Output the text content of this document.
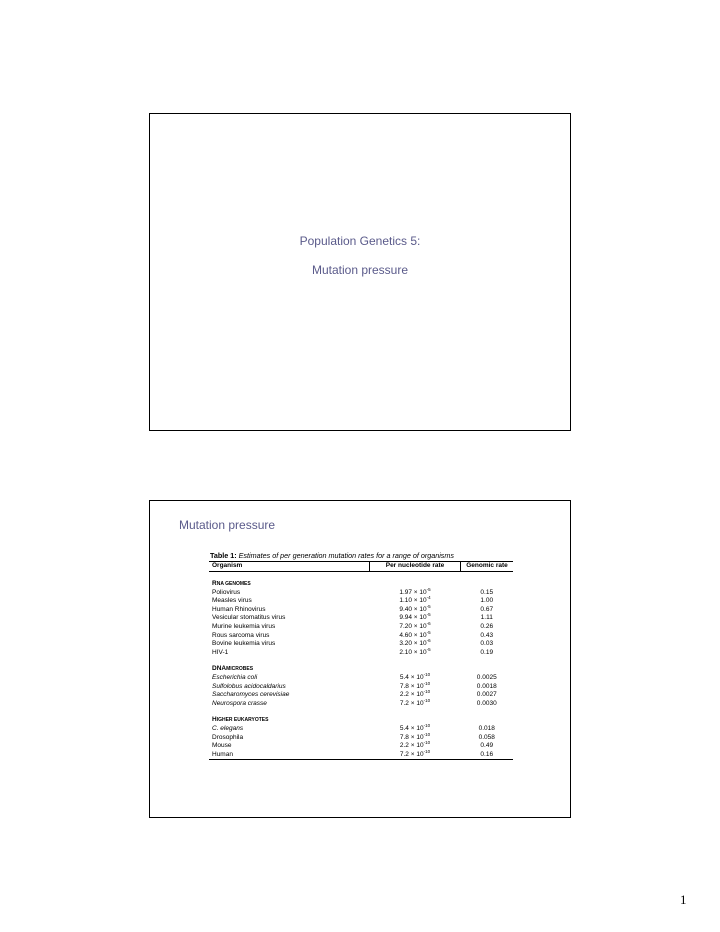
Population Genetics 5:
Mutation pressure
Mutation pressure
Table 1: Estimates of per generation mutation rates for a range of organisms
Organism	Per nucleotide rate	Genomic rate

RNA GENOMES		
Poliovirus	$1.97 \times 10^{-5}$	0.15
Measles virus	$1.10 \times 10^{-4}$	1.00
Human Rhinovirus	$9.40 \times 10^{-5}$	0.67
Vesicular stomatitus virus	$9.94 \times 10^{-5}$	1.11
Murine leukemia virus	$7.20 \times 10^{-6}$	0.26
Rous sarcoma virus	$4.60 \times 10^{-5}$	0.43
Bovine leukemia virus	$3.20 \times 10^{-6}$	0.03
HIV-1	$2.10 \times 10^{-5}$	0.19

DNAMICROBES		
Escherichia coli	$5.4 \times 10^{-10}$	0.0025
Sulfolobus acidocaldarius	$7.8 \times 10^{-10}$	0.0018
Saccharomyces cerevisiae	$2.2 \times 10^{-10}$	0.0027
Neurospora crasse	$7.2 \times 10^{-10}$	0.0030

HIGHER EUKARYOTES		
C. elegans	$5.4 \times 10^{-10}$	0.018
Drosophila	$7.8 \times 10^{-10}$	0.058
Mouse	$2.2 \times 10^{-10}$	0.49
Human	$7.2 \times 10^{-10}$	0.16
1
